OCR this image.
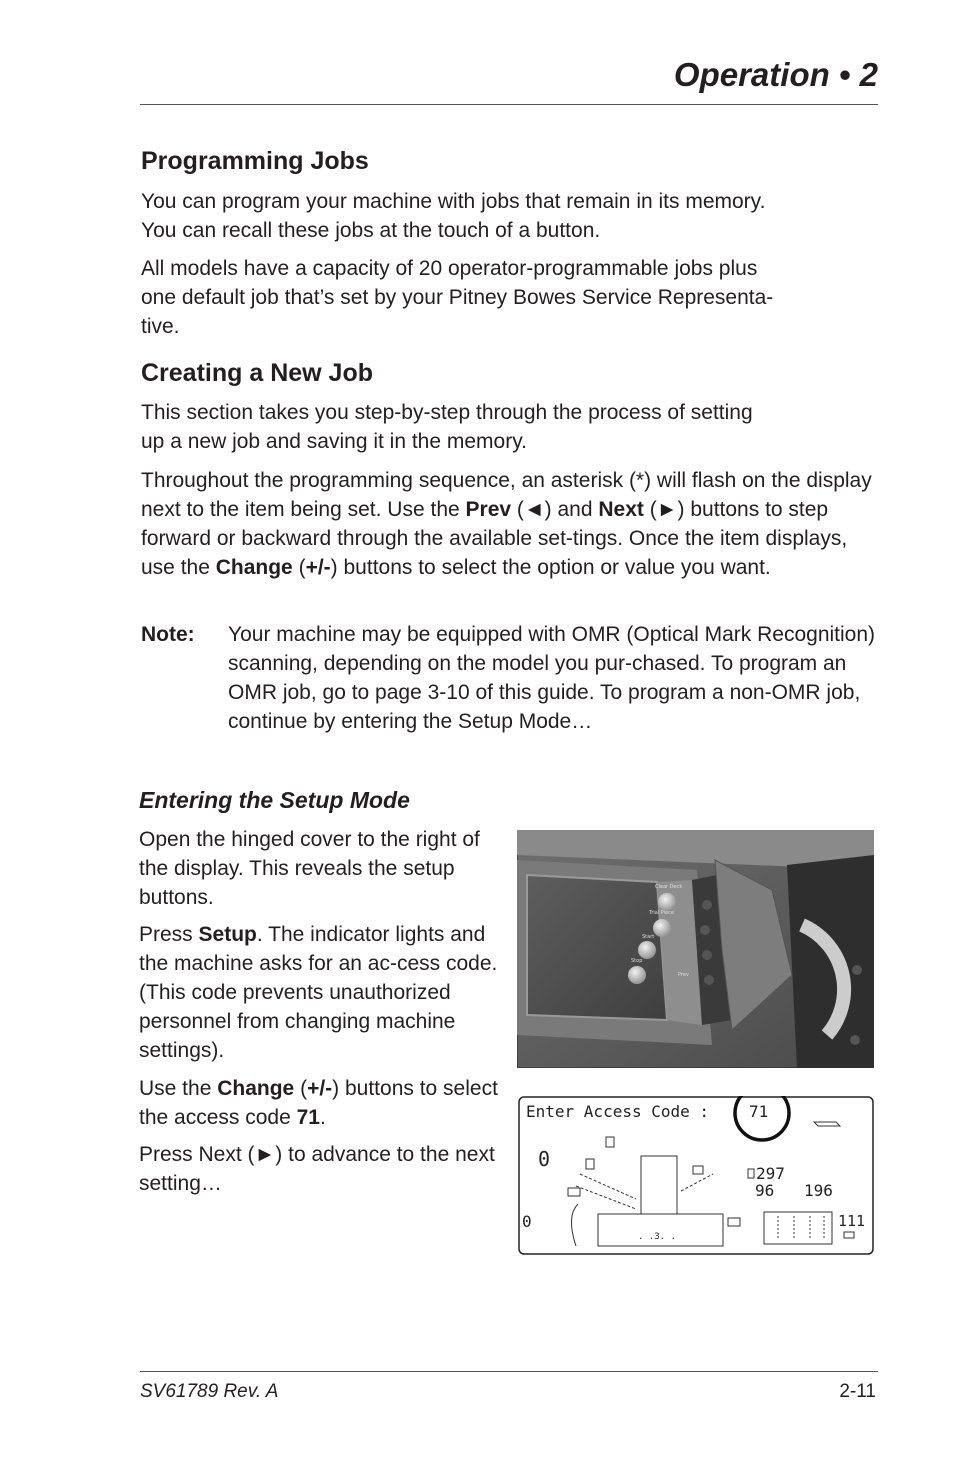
Operation • 2
Programming Jobs

You can program your machine with jobs that remain in its memory.
You can recall these jobs at the touch of a button.

All models have a capacity of 20 operator-programmable jobs plus
one default job that’s set by your Pitney Bowes Service Representa-
tive.

Creating a New Job

This section takes you step-by-step through the process of setting
up a new job and saving it in the memory.

Throughout the programming sequence, an asterisk (*) will flash on the display next to the item being set. Use the Prev (◄) and Next (►) buttons to step forward or backward through the available set-tings. Once the item displays, use the Change (+/-) buttons to select the option or value you want.

Note: Your machine may be equipped with OMR (Optical Mark Recognition) scanning, depending on the model you pur-chased. To program an OMR job, go to page 3-10 of this guide. To program a non-OMR job, continue by entering the Setup Mode…

Entering the Setup Mode

Open the hinged cover to the right of the display. This reveals the setup buttons.

Press Setup. The indicator lights and the machine asks for an ac-cess code. (This code prevents unauthorized personnel from changing machine settings).

Use the Change (+/-) buttons to select the access code 71.

Press Next (►) to advance to the next setting…

Clear Deck
Trial Piece
Start
Stop
Prev
Enter Access Code : 71
0
0
. .3. .
297
96 196
111
SV61789 Rev. A	2-11
